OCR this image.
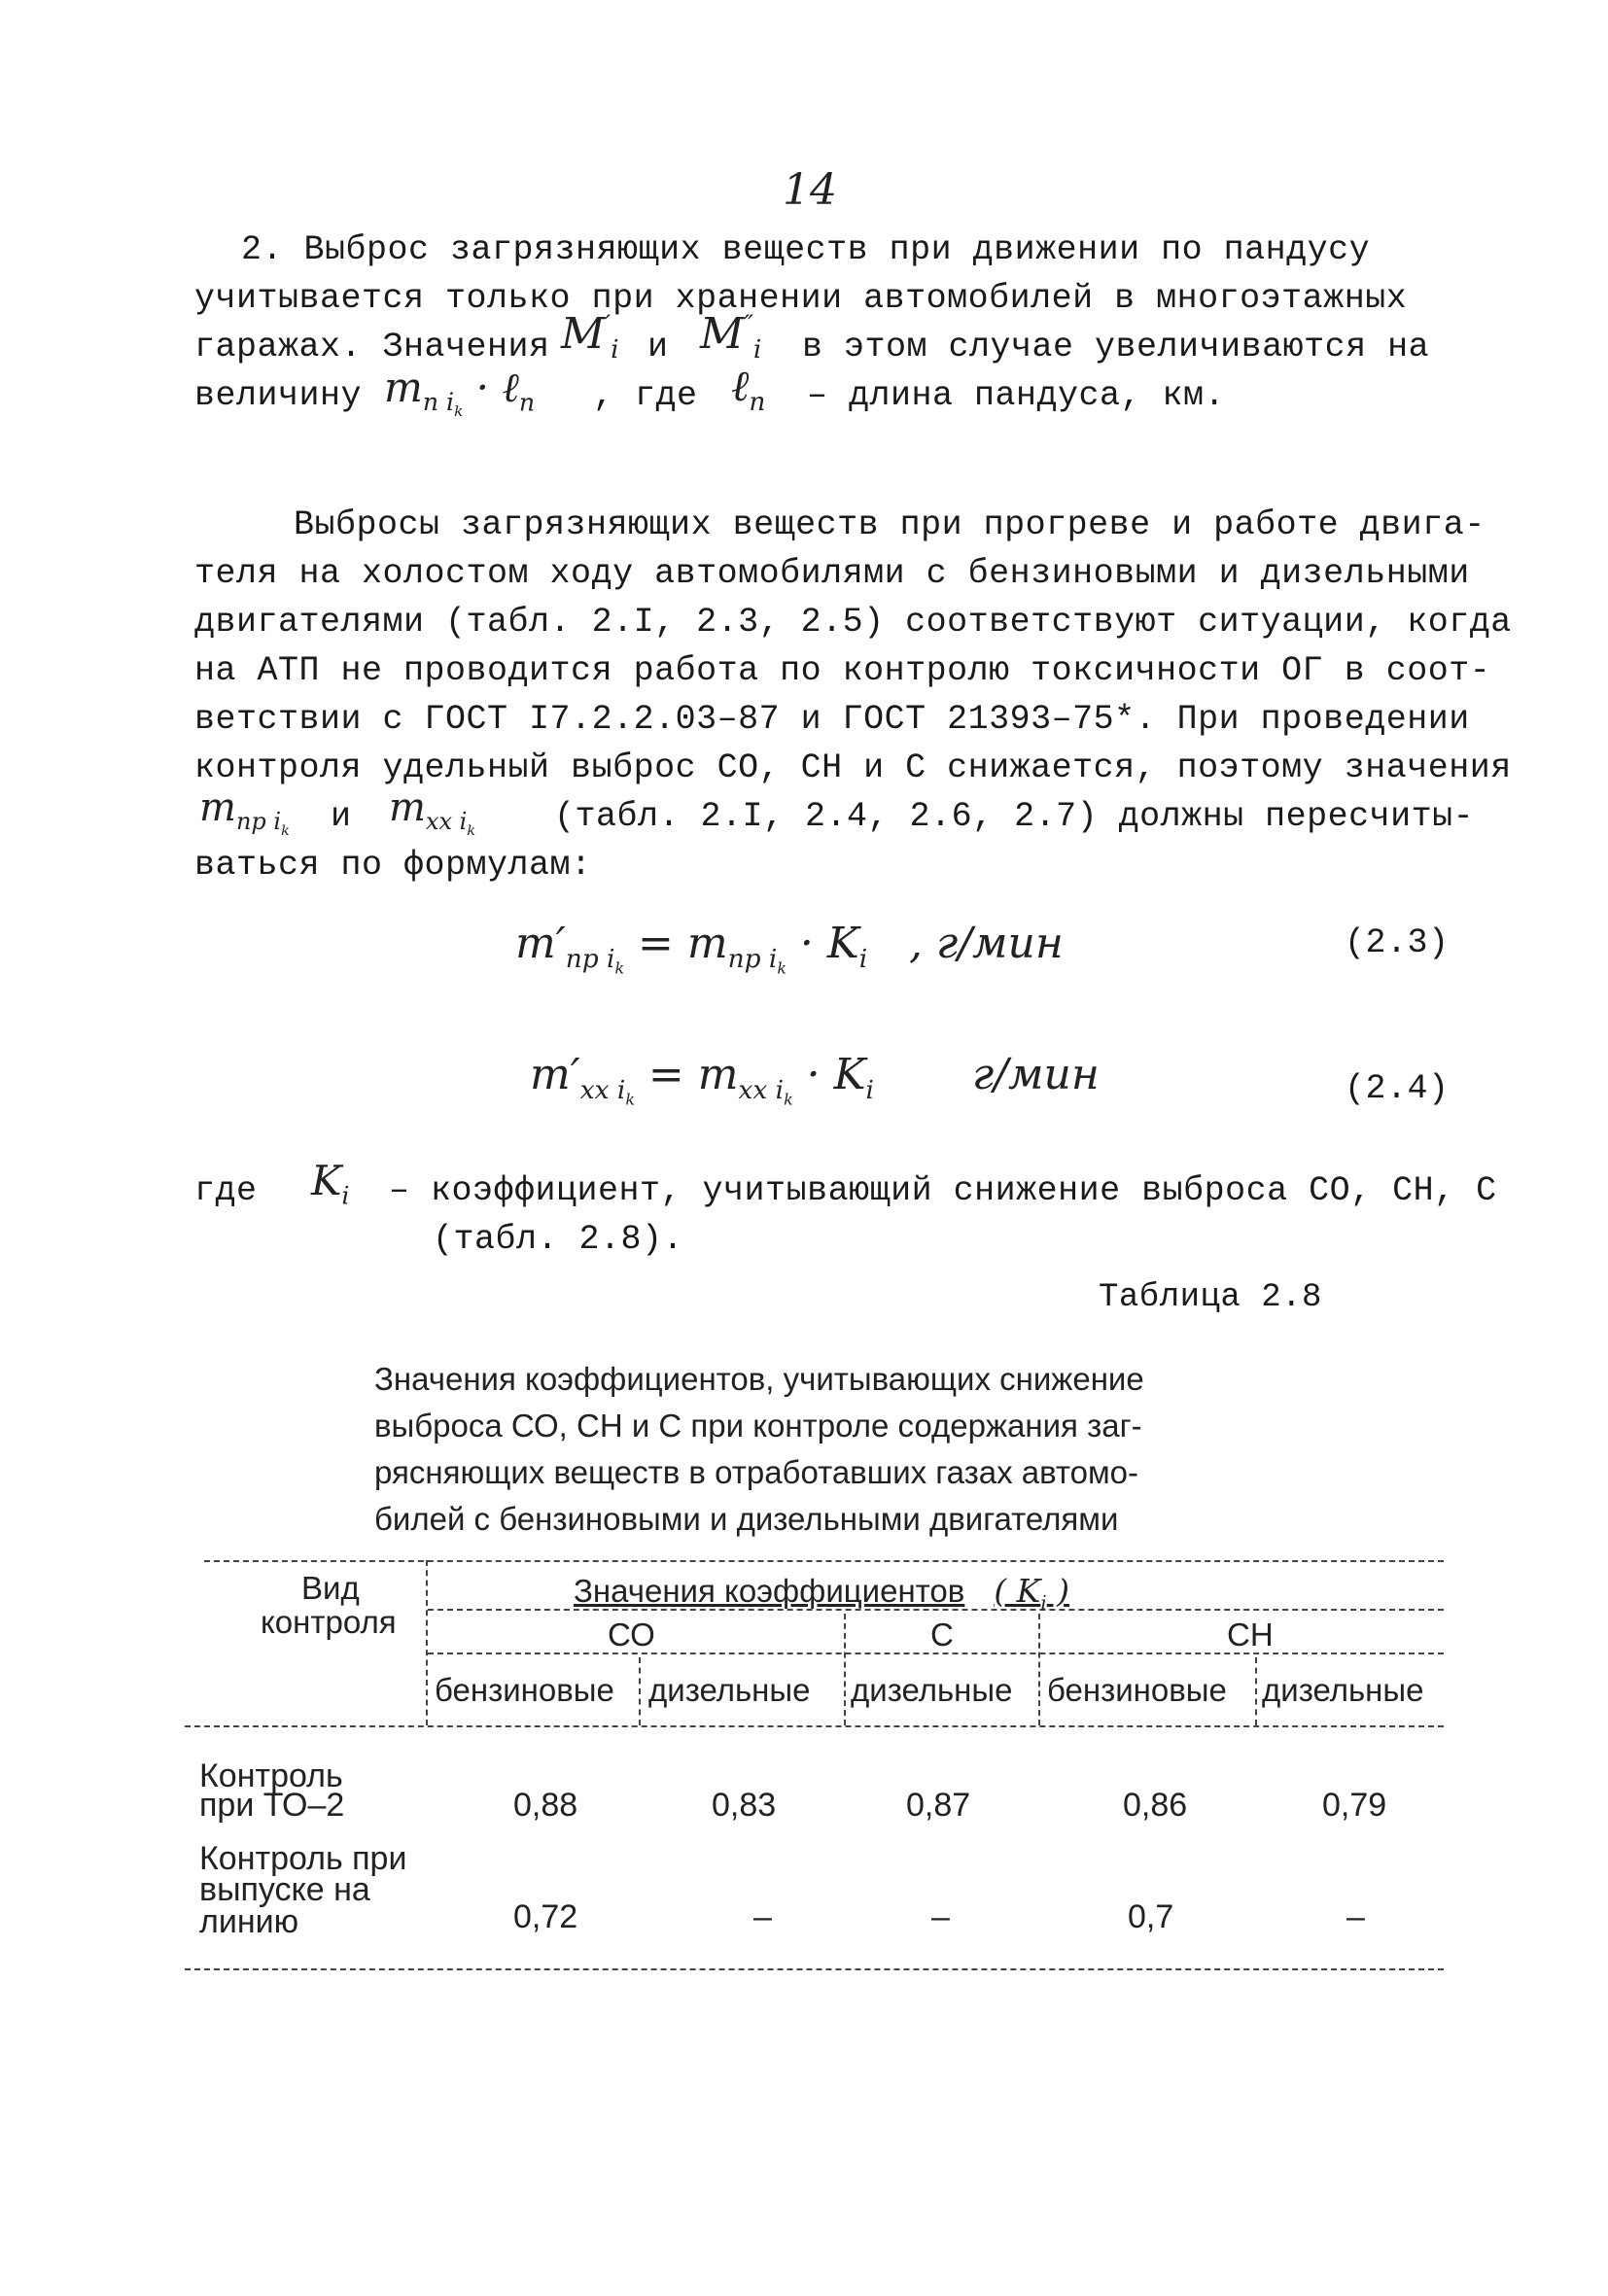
14
2. Выброс загрязняющих веществ при движении по пандусу
учитывается только при хранении автомобилей в многоэтажных
гаражах. Значения $M'_i$ и $M''_i$ в этом случае увеличиваются на
величину $m_{n i_k}$ · ℓ$_n$ , где ℓ$_n$ – длина пандуса, км.
Выбросы загрязняющих веществ при прогреве и работе двига-
теля на холостом ходу автомобилями с бензиновыми и дизельными
двигателями (табл. 2.I, 2.3, 2.5) соответствуют ситуации, когда
на АТП не проводится работа по контролю токсичности ОГ в соот-
ветствии с ГОСТ I7.2.2.03–87 и ГОСТ 21393–75*. При проведении
контроля удельный выброс СО, СН и С снижается, поэтому значения
$m_{np i_k}$ и $m_{xx i_k}$ (табл. 2.I, 2.4, 2.6, 2.7) должны пересчиты-
ваться по формулам:
$m'_{np i_k} = m_{np i_k} \cdot K_i$ , г/мин	(2.3)
$m'_{xx i_k} = m_{xx i_k} \cdot K_i$ г/мин	(2.4)
где $K_i$ – коэффициент, учитывающий снижение выброса СО, СН, С
(табл. 2.8).
Таблица 2.8
Значения коэффициентов, учитывающих снижение
выброса СО, СН и С при контроле содержания заг-
рясняющих веществ в отработавших газах автомо-
билей с бензиновыми и дизельными двигателями
Вид
контроля
Значения коэффициентов ( $K_i$ )
СО	С	СН
бензиновые дизельные дизельные бензиновые дизельные
Контроль
при ТО–2	0,88	0,83	0,87	0,86	0,79
Контроль при
выпуске на
линию	0,72	–	–	0,7	–
